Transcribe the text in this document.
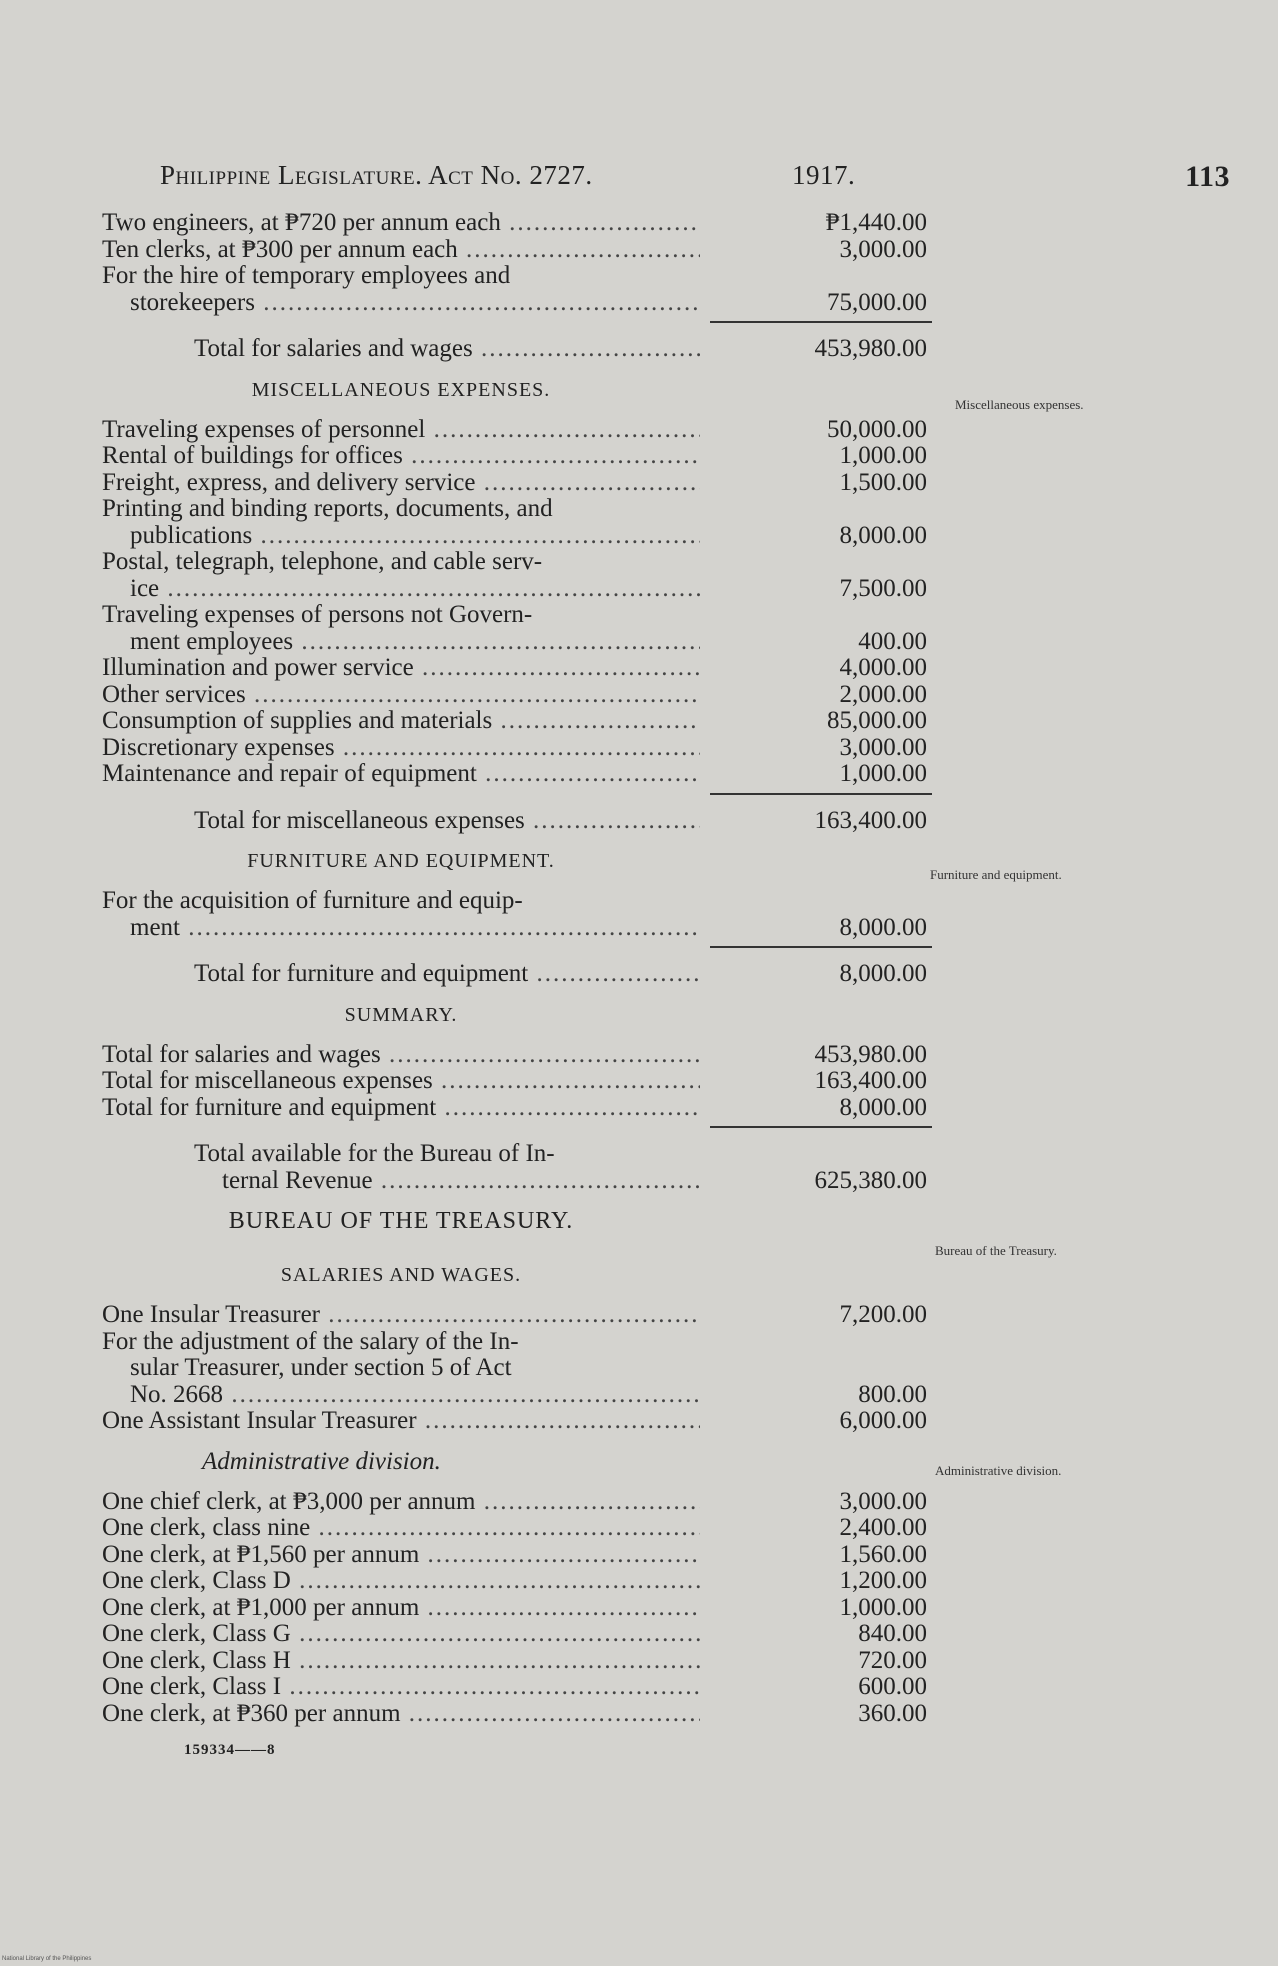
Philippine Legislature. Act No. 2727.	1917.	113
Two engineers, at ₱720 per annum each .....	₱1,440.00
Ten clerks, at ₱300 per annum each .....	3,000.00
For the hire of temporary employees and
storekeepers .....	75,000.00
Total for salaries and wages .....	453,980.00
MISCELLANEOUS EXPENSES.
Traveling expenses of personnel .....	50,000.00
Rental of buildings for offices .....	1,000.00
Freight, express, and delivery service .....	1,500.00
Printing and binding reports, documents, and
publications .....	8,000.00
Postal, telegraph, telephone, and cable serv-
ice .....	7,500.00
Traveling expenses of persons not Govern-
ment employees .....	400.00
Illumination and power service .....	4,000.00
Other services .....	2,000.00
Consumption of supplies and materials .....	85,000.00
Discretionary expenses .....	3,000.00
Maintenance and repair of equipment .....	1,000.00
Total for miscellaneous expenses .....	163,400.00
FURNITURE AND EQUIPMENT.
For the acquisition of furniture and equip-
ment .....	8,000.00
Total for furniture and equipment .....	8,000.00
SUMMARY.
Total for salaries and wages .....	453,980.00
Total for miscellaneous expenses .....	163,400.00
Total for furniture and equipment .....	8,000.00
Total available for the Bureau of In-
ternal Revenue .....	625,380.00
BUREAU OF THE TREASURY.
SALARIES AND WAGES.
One Insular Treasurer .....	7,200.00
For the adjustment of the salary of the In-
sular Treasurer, under section 5 of Act
No. 2668 .....	800.00
One Assistant Insular Treasurer .....	6,000.00
Administrative division.
One chief clerk, at ₱3,000 per annum .....	3,000.00
One clerk, class nine .....	2,400.00
One clerk, at ₱1,560 per annum .....	1,560.00
One clerk, Class D .....	1,200.00
One clerk, at ₱1,000 per annum .....	1,000.00
One clerk, Class G .....	840.00
One clerk, Class H .....	720.00
One clerk, Class I .....	600.00
One clerk, at ₱360 per annum .....	360.00
Miscellaneous expenses.
Furniture and equipment.
Bureau of the Treasury.
Administrative division.
159334——8
National Library of the Philippines
